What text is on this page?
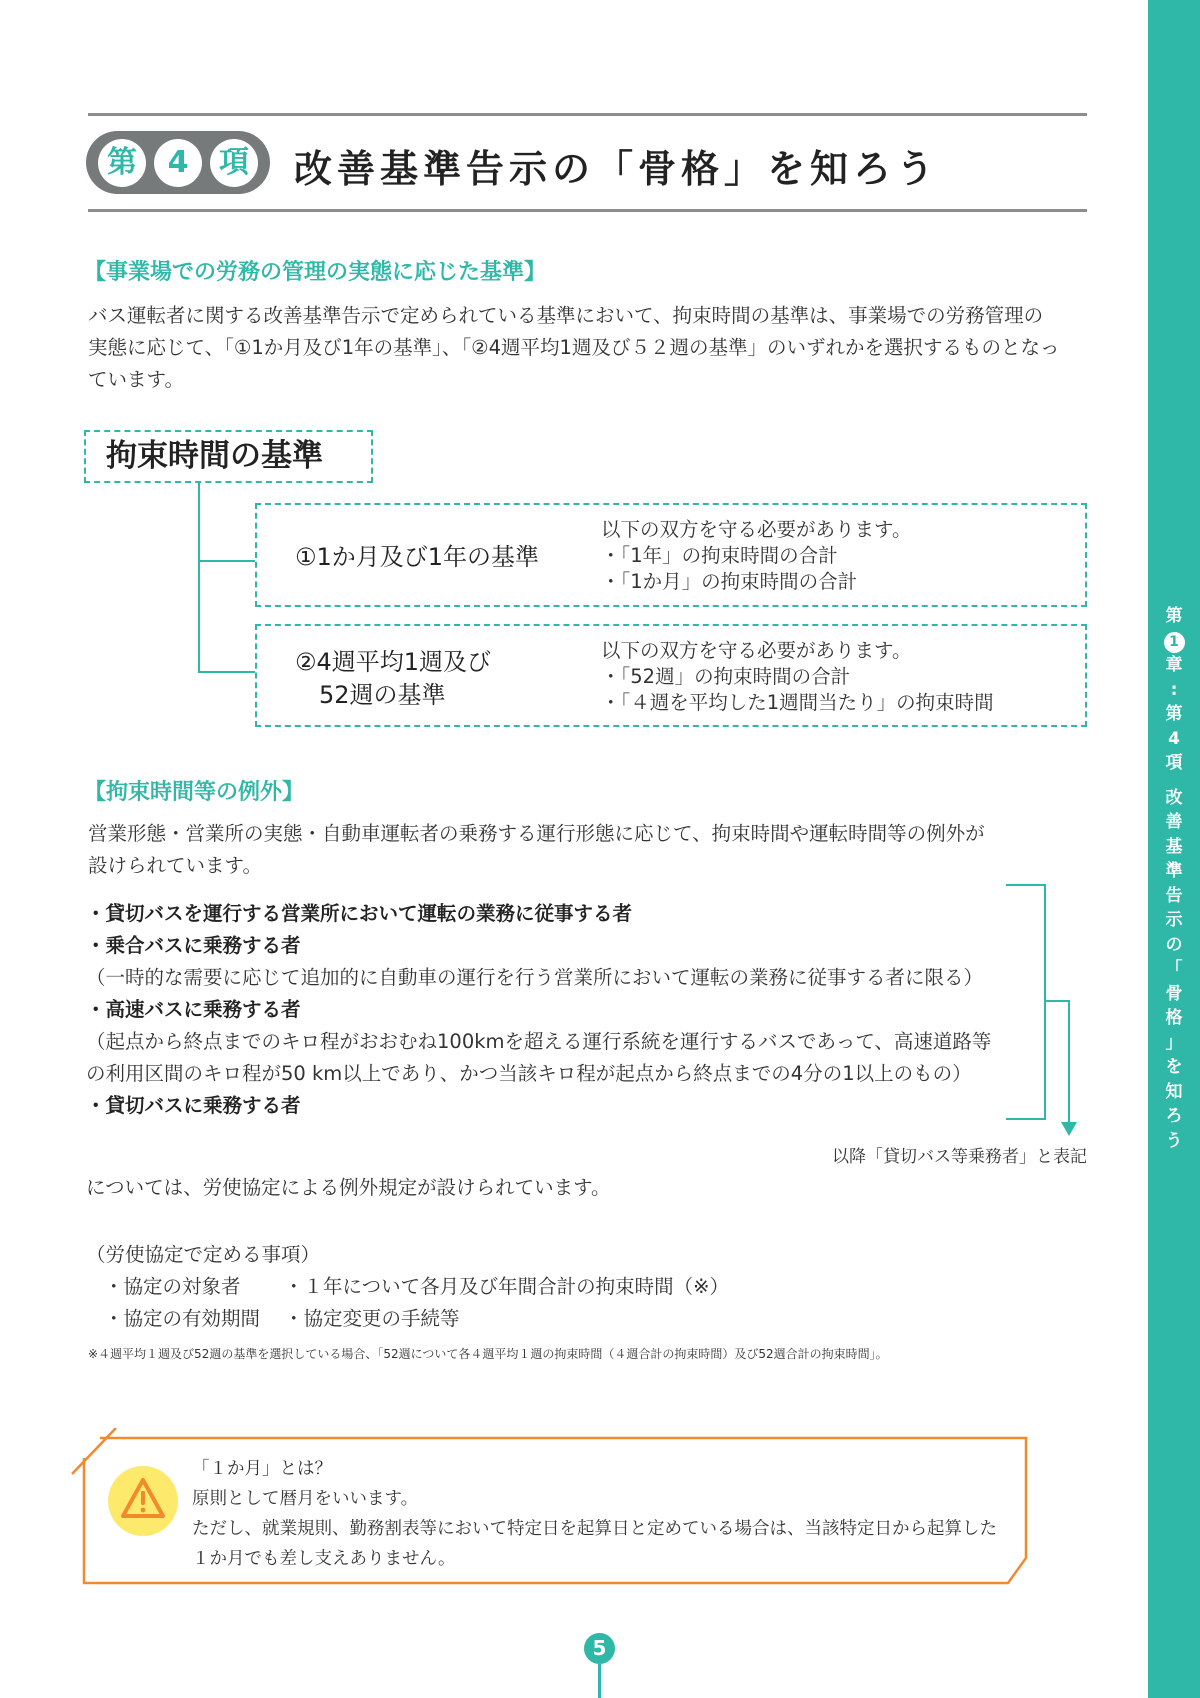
第
1
章
:
第
4
項
改
善
基
準
告
示
の
「
骨
格
」
を
知
ろ
う
第	4	項 改善基準告示の「骨格」を知ろう
【事業場での労務の管理の実態に応じた基準】
バス運転者に関する改善基準告示で定められている基準において、拘束時間の基準は、事業場での労務管理の
実態に応じて、「①1か月及び1年の基準」、「②4週平均1週及び５２週の基準」のいずれかを選択するものとなっ
ています。
拘束時間の基準
①1か月及び1年の基準
以下の双方を守る必要があります。
・「1年」の拘束時間の合計
・「1か月」の拘束時間の合計
②4週平均1週及び
　52週の基準
以下の双方を守る必要があります。
・「52週」の拘束時間の合計
・「４週を平均した1週間当たり」の拘束時間
【拘束時間等の例外】
営業形態・営業所の実態・自動車運転者の乗務する運行形態に応じて、拘束時間や運転時間等の例外が
設けられています。
・貸切バスを運行する営業所において運転の業務に従事する者
・乗合バスに乗務する者
（一時的な需要に応じて追加的に自動車の運行を行う営業所において運転の業務に従事する者に限る）
・高速バスに乗務する者
（起点から終点までのキロ程がおおむね100kmを超える運行系統を運行するバスであって、高速道路等
の利用区間のキロ程が50 km以上であり、かつ当該キロ程が起点から終点までの4分の1以上のもの）
・貸切バスに乗務する者
以降「貸切バス等乗務者」と表記
については、労使協定による例外規定が設けられています。
（労使協定で定める事項）
・協定の対象者	・１年について各月及び年間合計の拘束時間（※）
・協定の有効期間	・協定変更の手続等
※４週平均１週及び52週の基準を選択している場合、「52週について各４週平均１週の拘束時間（４週合計の拘束時間）及び52週合計の拘束時間」。
「１か月」とは？
原則として暦月をいいます。
ただし、就業規則、勤務割表等において特定日を起算日と定めている場合は、当該特定日から起算した
１か月でも差し支えありません。
5
